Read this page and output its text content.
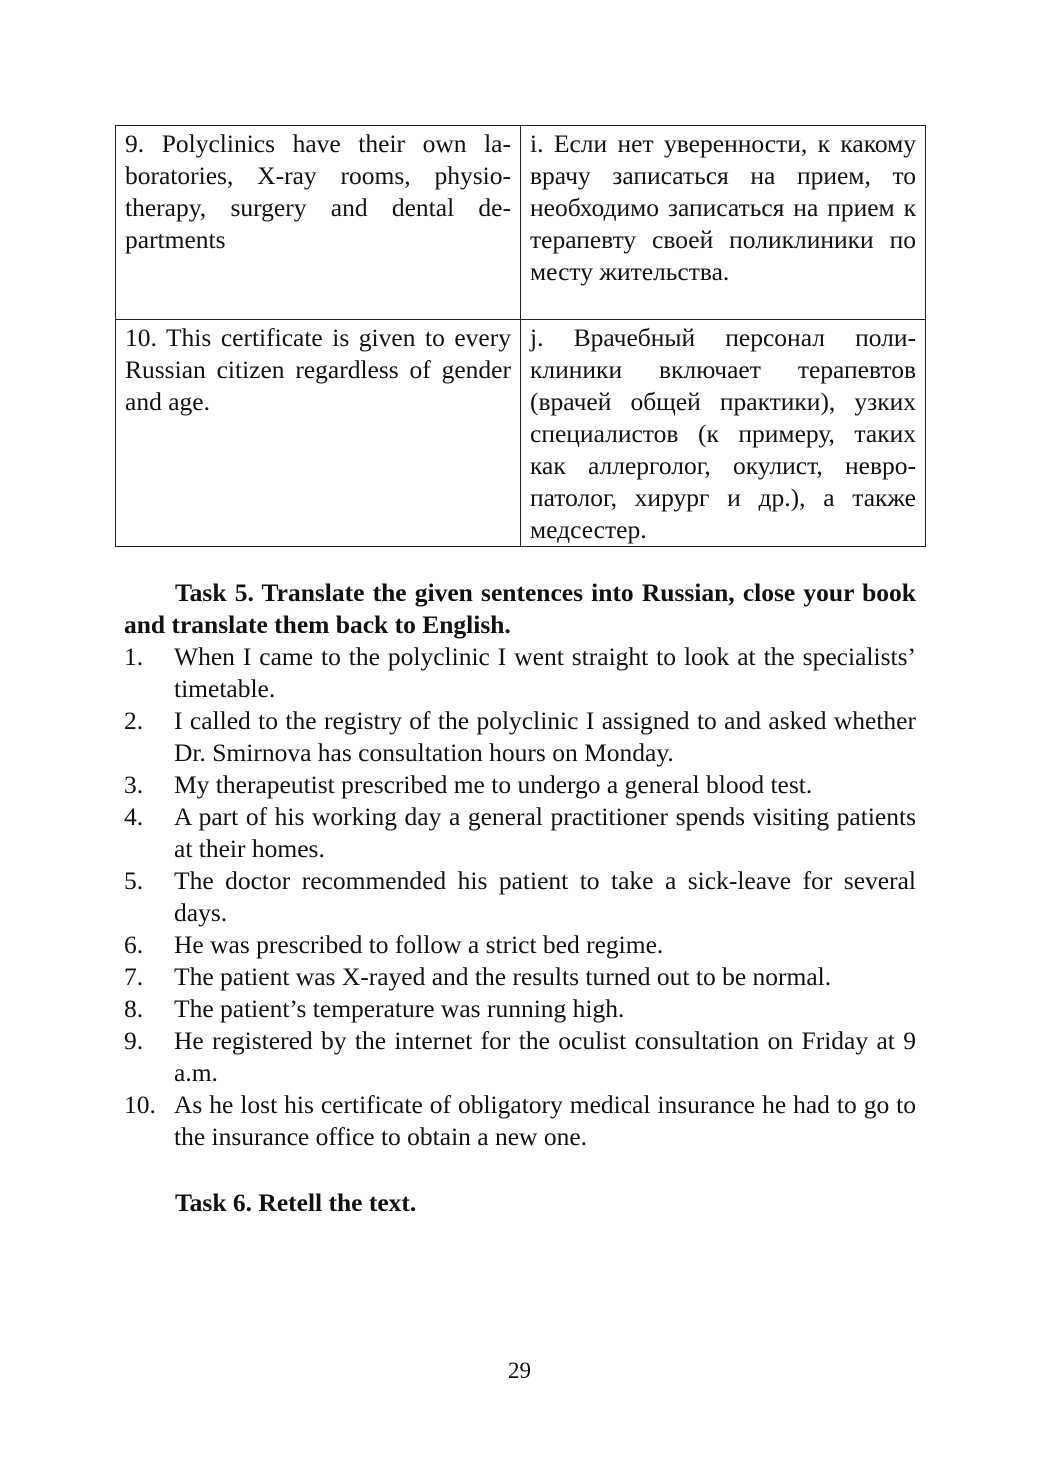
9. Polyclinics have their own laboratories, X-ray rooms, physiotherapy, surgery and dental departments	i. Если нет уверенности, к какому врачу записаться на прием, то необходимо записаться на прием к терапевту своей поликлиники по месту жительства.

10. This certificate is given to every Russian citizen regardless of gender and age.	j. Врачебный персонал поликлиники включает терапевтов (врачей общей практики), узких специалистов (к примеру, таких как аллерголог, окулист, невропатолог, хирург и др.), а также медсестер.

Task 5. Translate the given sentences into Russian, close your book and translate them back to English.

1. When I came to the polyclinic I went straight to look at the specialists’ timetable.
2. I called to the registry of the polyclinic I assigned to and asked whether Dr. Smirnova has consultation hours on Monday.
3. My therapeutist prescribed me to undergo a general blood test.
4. A part of his working day a general practitioner spends visiting patients at their homes.
5. The doctor recommended his patient to take a sick-leave for several days.
6. He was prescribed to follow a strict bed regime.
7. The patient was X-rayed and the results turned out to be normal.
8. The patient’s temperature was running high.
9. He registered by the internet for the oculist consultation on Friday at 9 a.m.
10. As he lost his certificate of obligatory medical insurance he had to go to the insurance office to obtain a new one.

Task 6. Retell the text.

29
